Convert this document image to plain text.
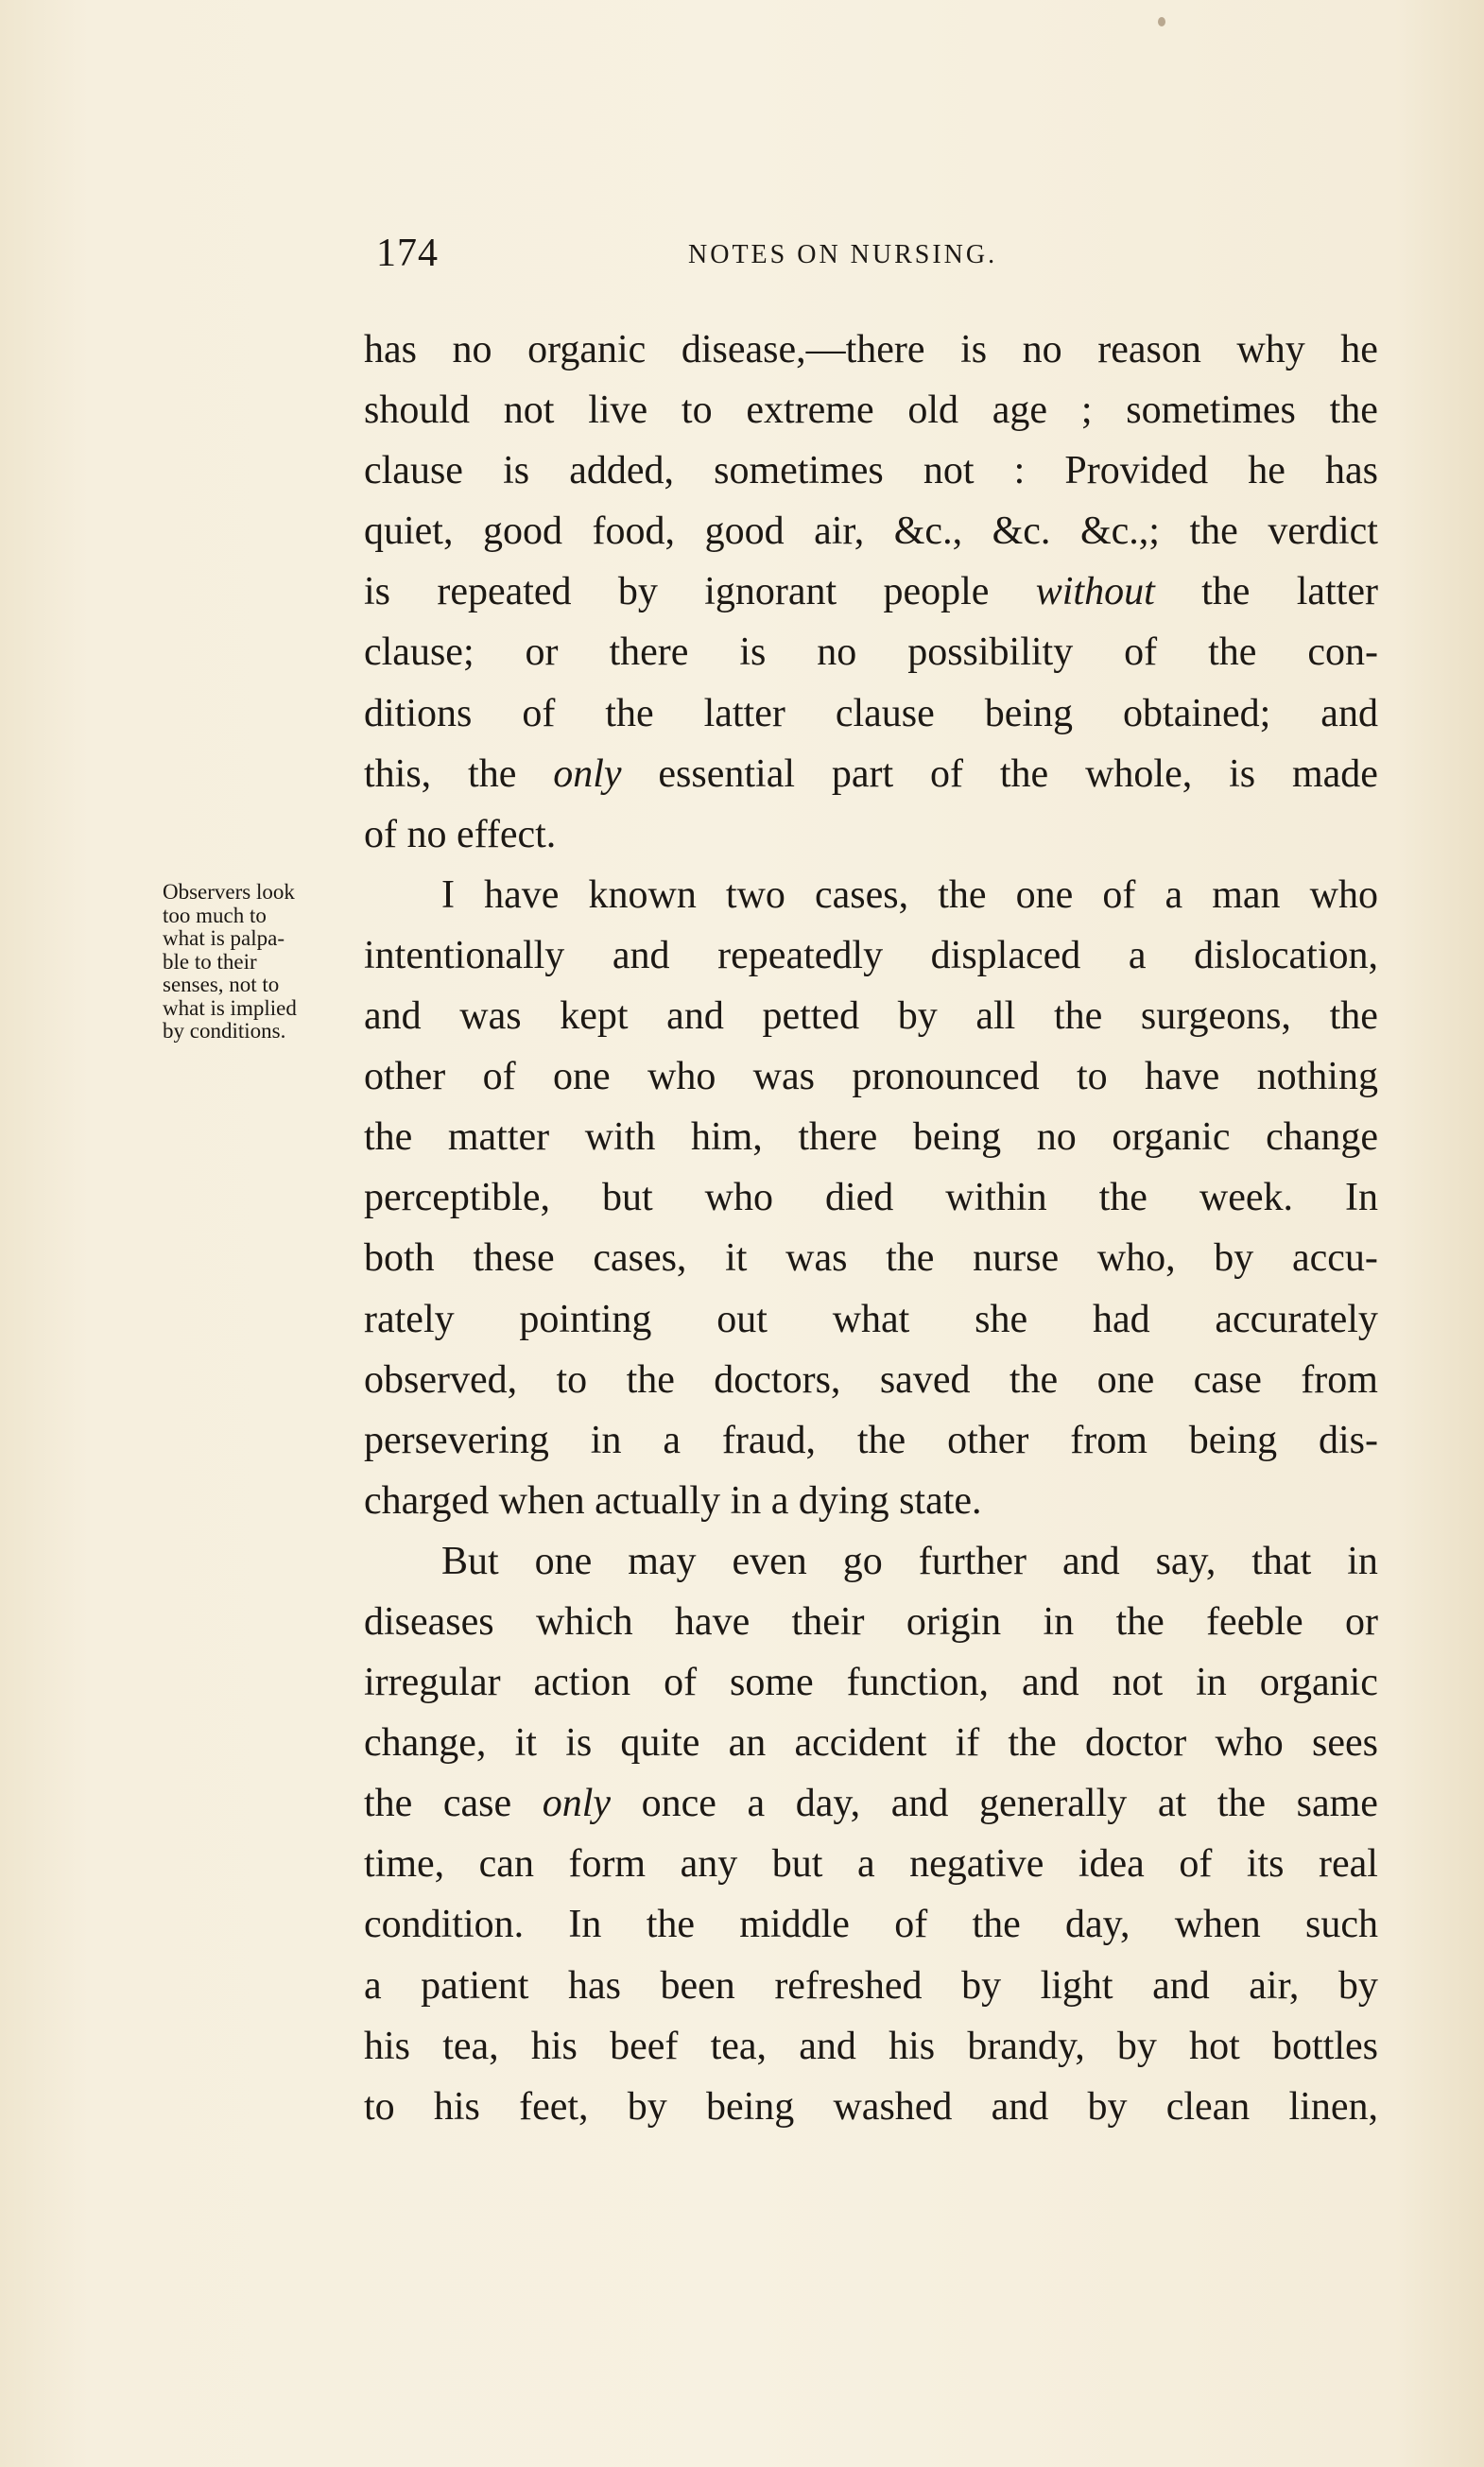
174	NOTES ON NURSING.
Observers look
too much to
what is palpa-
ble to their
senses, not to
what is implied
by conditions.
has no organic disease,—there is no reason why he
should not live to extreme old age ; sometimes the
clause is added, sometimes not : Provided he has
quiet, good food, good air, &c., &c. &c.,; the verdict
is repeated by ignorant people without the latter
clause; or there is no possibility of the con-
ditions of the latter clause being obtained; and
this, the only essential part of the whole, is made
of no effect.
I have known two cases, the one of a man who
intentionally and repeatedly displaced a dislocation,
and was kept and petted by all the surgeons, the
other of one who was pronounced to have nothing
the matter with him, there being no organic change
perceptible, but who died within the week. In
both these cases, it was the nurse who, by accu-
rately pointing out what she had accurately
observed, to the doctors, saved the one case from
persevering in a fraud, the other from being dis-
charged when actually in a dying state.
But one may even go further and say, that in
diseases which have their origin in the feeble or
irregular action of some function, and not in organic
change, it is quite an accident if the doctor who sees
the case only once a day, and generally at the same
time, can form any but a negative idea of its real
condition. In the middle of the day, when such
a patient has been refreshed by light and air, by
his tea, his beef tea, and his brandy, by hot bottles
to his feet, by being washed and by clean linen,
